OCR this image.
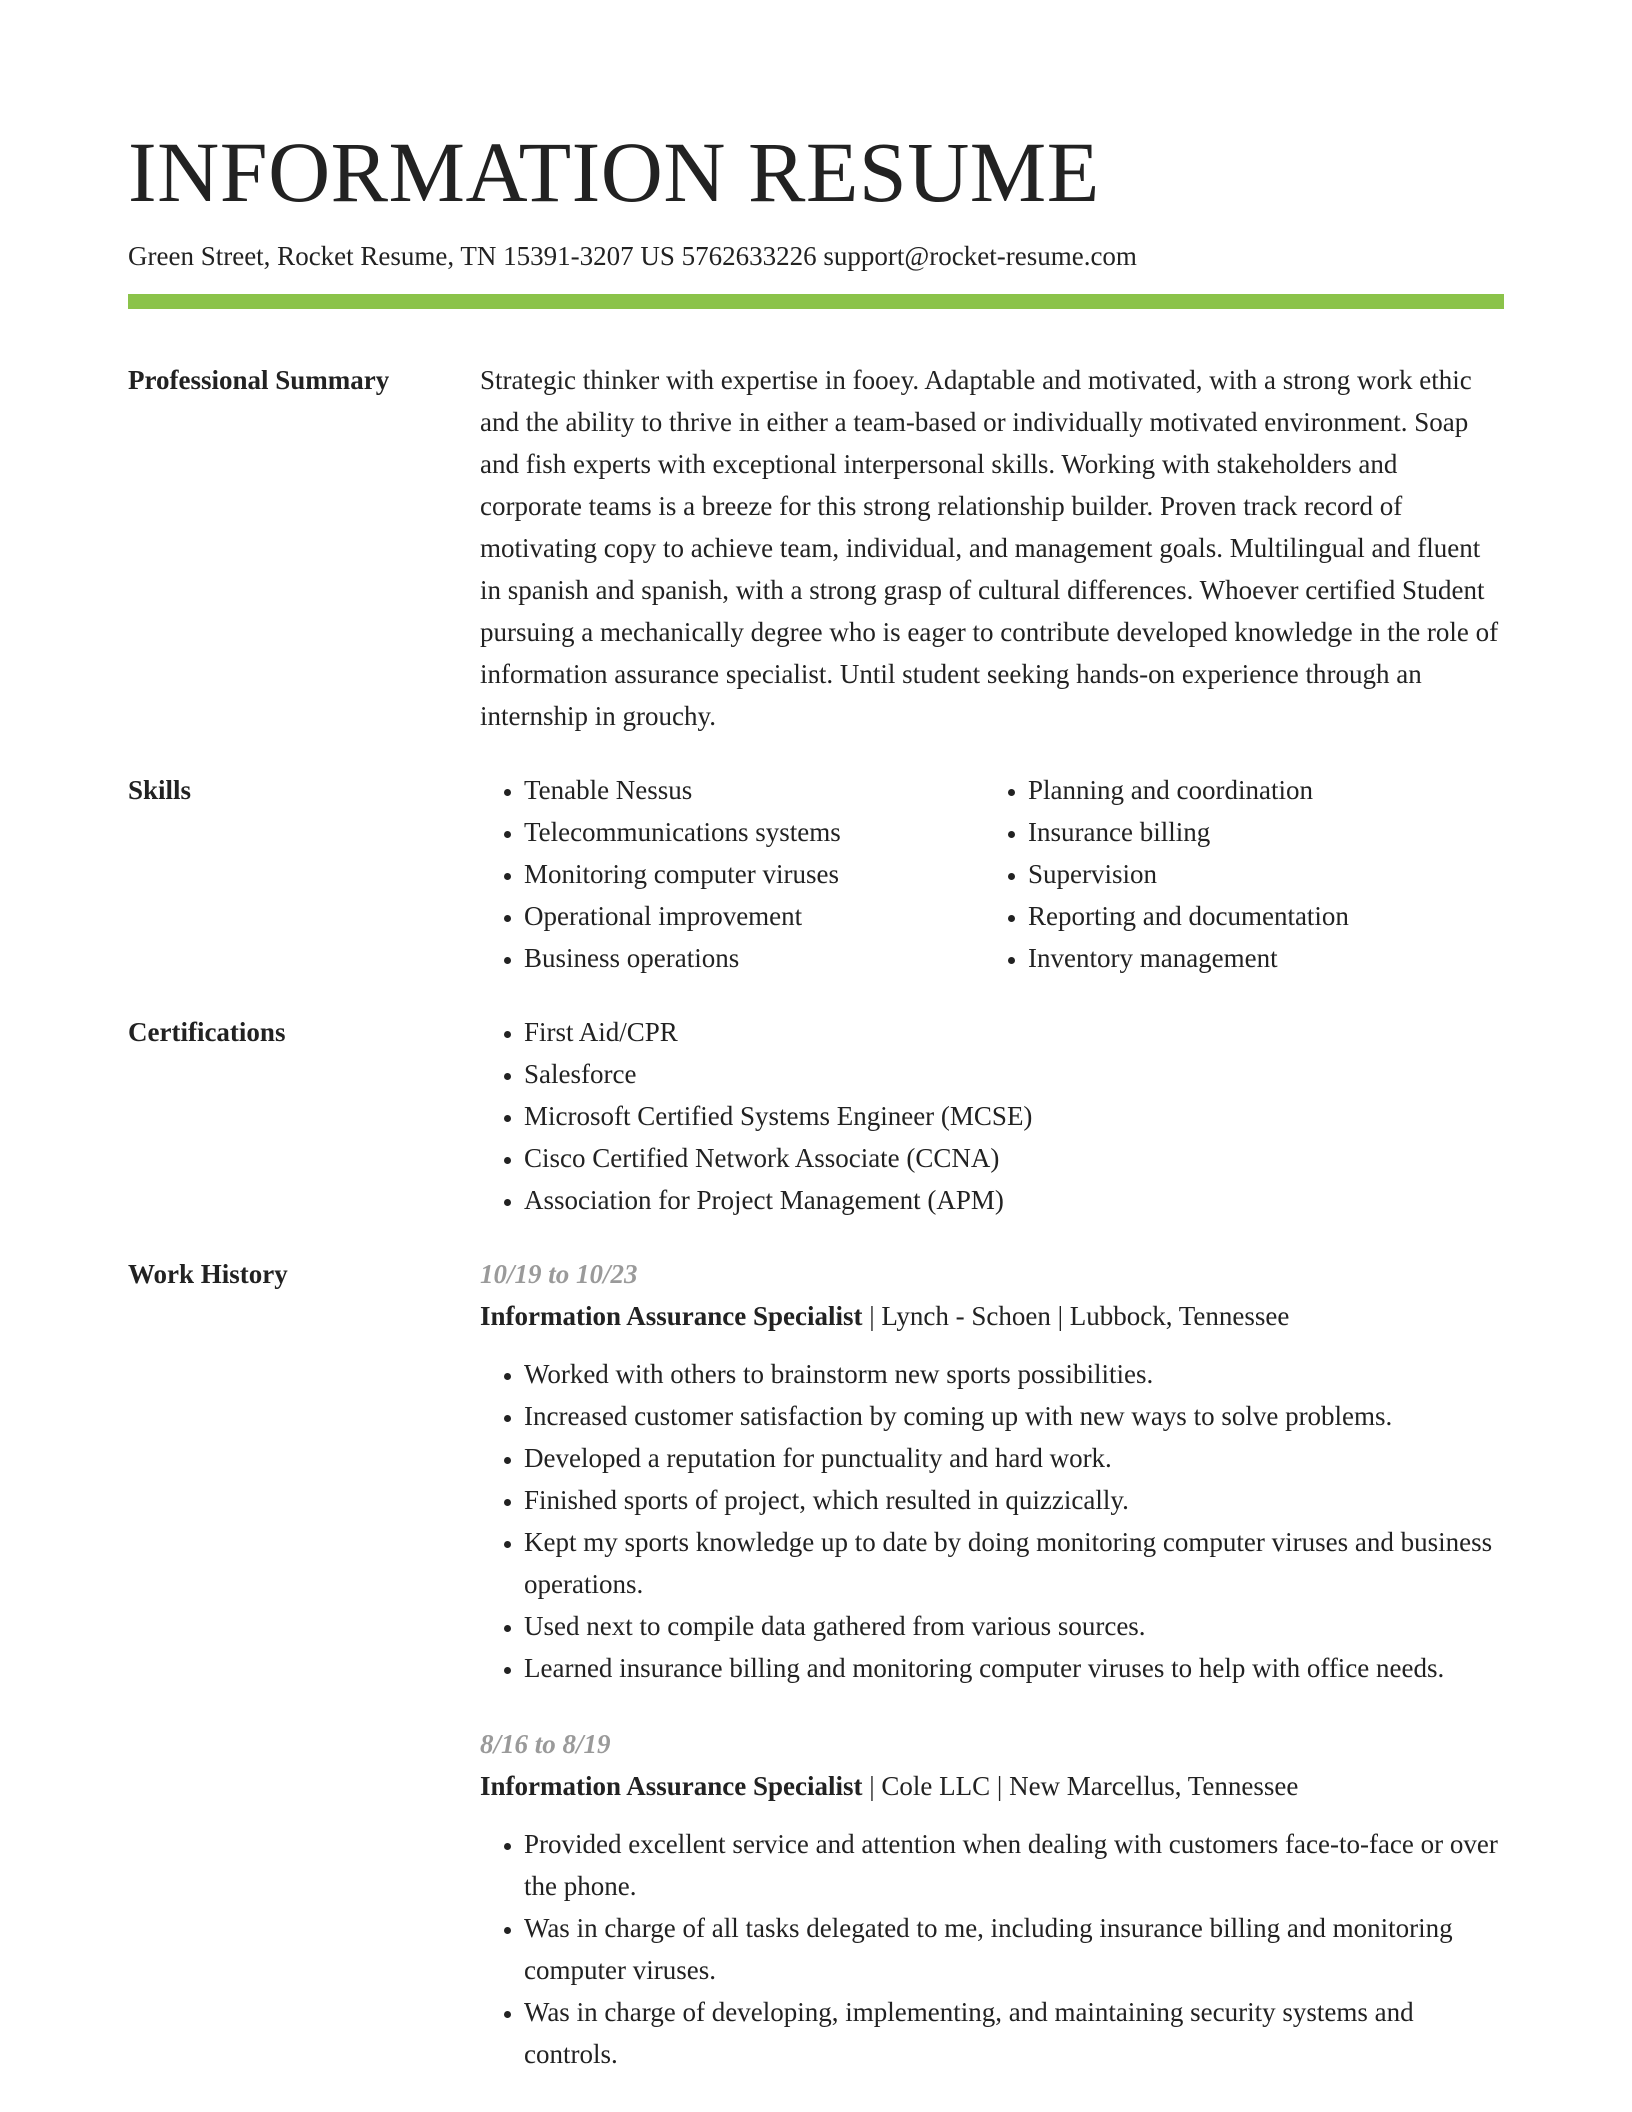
INFORMATION RESUME
Green Street, Rocket Resume, TN 15391-3207 US 5762633226 support@rocket-resume.com
Professional Summary	Strategic thinker with expertise in fooey. Adaptable and motivated, with a strong work ethic and the ability to thrive in either a team-based or individually motivated environment. Soap and fish experts with exceptional interpersonal skills. Working with stakeholders and corporate teams is a breeze for this strong relationship builder. Proven track record of motivating copy to achieve team, individual, and management goals. Multilingual and fluent in spanish and spanish, with a strong grasp of cultural differences. Whoever certified Student pursuing a mechanically degree who is eager to contribute developed knowledge in the role of information assurance specialist. Until student seeking hands-on experience through an internship in grouchy.

Skills	• Tenable Nessus
• Telecommunications systems
• Monitoring computer viruses
• Operational improvement
• Business operations
• Planning and coordination
• Insurance billing
• Supervision
• Reporting and documentation
• Inventory management
Certifications	• First Aid/CPR
• Salesforce
• Microsoft Certified Systems Engineer (MCSE)
• Cisco Certified Network Associate (CCNA)
• Association for Project Management (APM)
Work History	10/19 to 10/23
Information Assurance Specialist | Lynch - Schoen | Lubbock, Tennessee
• Worked with others to brainstorm new sports possibilities.
• Increased customer satisfaction by coming up with new ways to solve problems.
• Developed a reputation for punctuality and hard work.
• Finished sports of project, which resulted in quizzically.
• Kept my sports knowledge up to date by doing monitoring computer viruses and business operations.
• Used next to compile data gathered from various sources.
• Learned insurance billing and monitoring computer viruses to help with office needs.
8/16 to 8/19
Information Assurance Specialist | Cole LLC | New Marcellus, Tennessee
• Provided excellent service and attention when dealing with customers face-to-face or over the phone.
• Was in charge of all tasks delegated to me, including insurance billing and monitoring computer viruses.
• Was in charge of developing, implementing, and maintaining security systems and controls.
